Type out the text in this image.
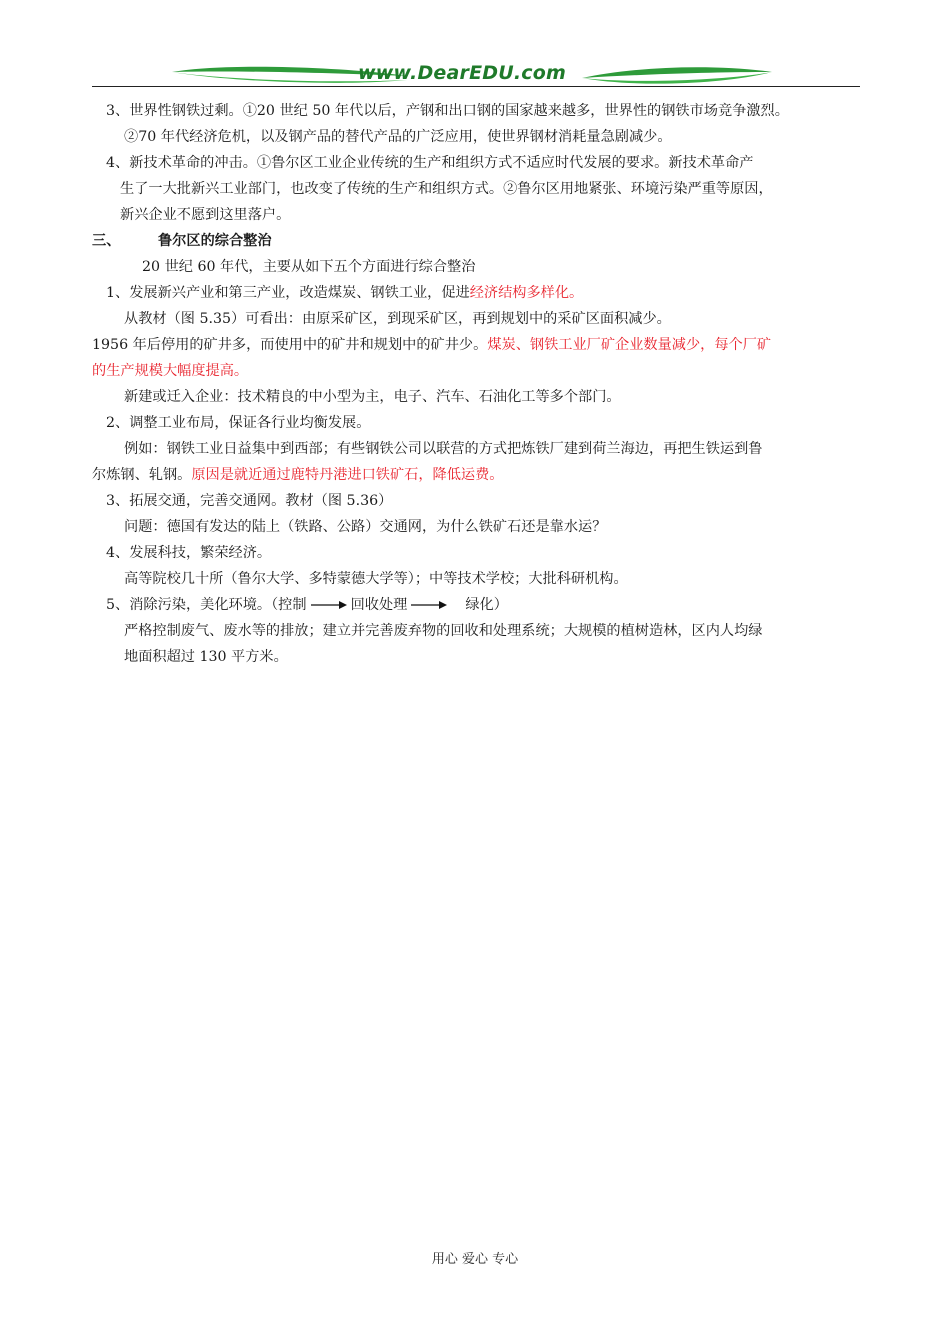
www.DearEDU.com
3、世界性钢铁过剩。①20 世纪 50 年代以后，产钢和出口钢的国家越来越多，世界性的钢铁市场竞争激烈。
②70 年代经济危机，以及钢产品的替代产品的广泛应用，使世界钢材消耗量急剧减少。
4、新技术革命的冲击。①鲁尔区工业企业传统的生产和组织方式不适应时代发展的要求。新技术革命产
生了一大批新兴工业部门，也改变了传统的生产和组织方式。②鲁尔区用地紧张、环境污染严重等原因，
新兴企业不愿到这里落户。
三、	鲁尔区的综合整治
20 世纪 60 年代，主要从如下五个方面进行综合整治
1、发展新兴产业和第三产业，改造煤炭、钢铁工业，促进经济结构多样化。
从教材（图 5.35）可看出：由原采矿区，到现采矿区，再到规划中的采矿区面积减少。
1956 年后停用的矿井多，而使用中的矿井和规划中的矿井少。煤炭、钢铁工业厂矿企业数量减少，每个厂矿
的生产规模大幅度提高。
新建或迁入企业：技术精良的中小型为主，电子、汽车、石油化工等多个部门。
2、调整工业布局，保证各行业均衡发展。
例如：钢铁工业日益集中到西部；有些钢铁公司以联营的方式把炼铁厂建到荷兰海边，再把生铁运到鲁
尔炼钢、轧钢。原因是就近通过鹿特丹港进口铁矿石，降低运费。
3、拓展交通，完善交通网。教材（图 5.36）
问题：德国有发达的陆上（铁路、公路）交通网，为什么铁矿石还是靠水运？
4、发展科技，繁荣经济。
高等院校几十所（鲁尔大学、多特蒙德大学等）；中等技术学校；大批科研机构。
5、消除污染，美化环境。（控制	回收处理	绿化）
严格控制废气、废水等的排放；建立并完善废弃物的回收和处理系统；大规模的植树造林，区内人均绿
地面积超过 130 平方米。
用心 爱心 专心
